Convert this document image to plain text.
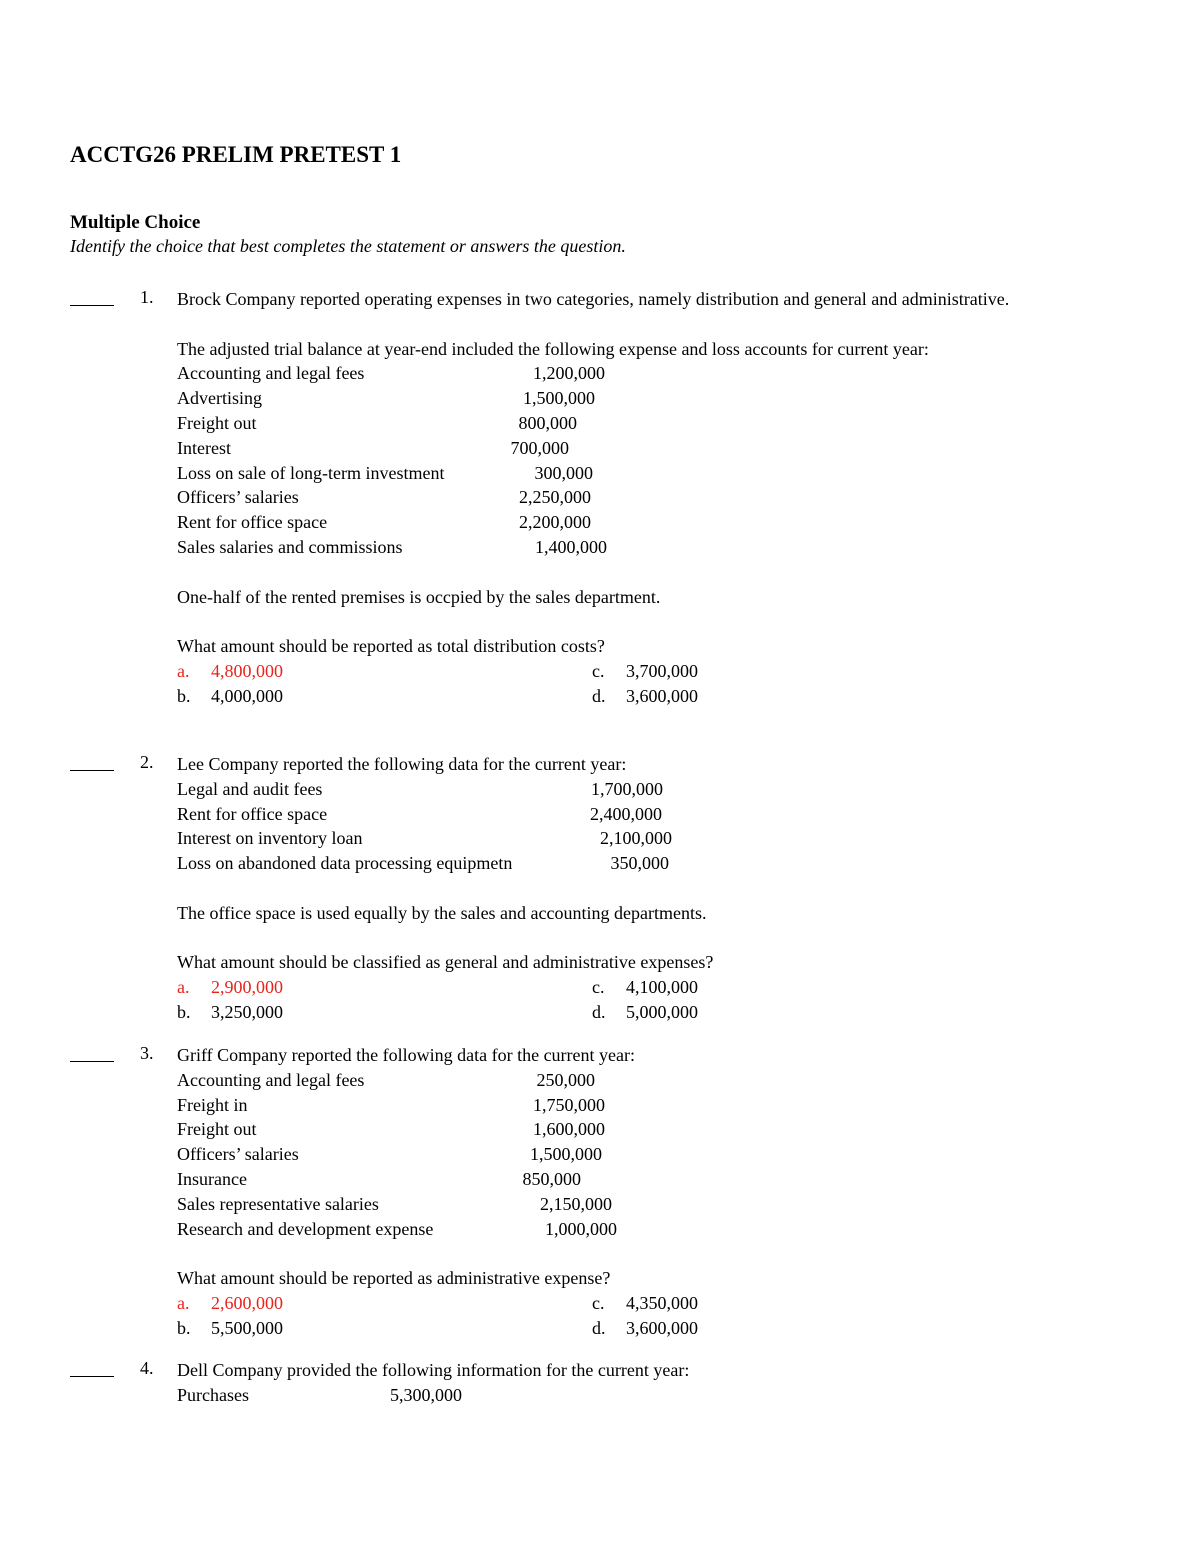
ACCTG26 PRELIM PRETEST 1
Multiple Choice
Identify the choice that best completes the statement or answers the question.
1. Brock Company reported operating expenses in two categories, namely distribution and general and administrative.

The adjusted trial balance at year-end included the following expense and loss accounts for current year:

Accounting and legal fees	1,200,000
Advertising	1,500,000
Freight out	800,000
Interest	700,000
Loss on sale of long-term investment	300,000
Officers’ salaries	2,250,000
Rent for office space	2,200,000
Sales salaries and commissions	1,400,000

One-half of the rented premises is occpied by the sales department.

What amount should be reported as total distribution costs?

a. 4,800,000
b. 4,000,000
c. 3,700,000
d. 3,600,000
2. Lee Company reported the following data for the current year:

Legal and audit fees	1,700,000
Rent for office space	2,400,000
Interest on inventory loan	2,100,000
Loss on abandoned data processing equipmetn	350,000

The office space is used equally by the sales and accounting departments.

What amount should be classified as general and administrative expenses?

a. 2,900,000
b. 3,250,000
c. 4,100,000
d. 5,000,000
3. Griff Company reported the following data for the current year:

Accounting and legal fees	250,000
Freight in	1,750,000
Freight out	1,600,000
Officers’ salaries	1,500,000
Insurance	850,000
Sales representative salaries	2,150,000
Research and development expense	1,000,000

What amount should be reported as administrative expense?

a. 2,600,000
b. 5,500,000
c. 4,350,000
d. 3,600,000
4. Dell Company provided the following information for the current year:

Purchases	5,300,000
